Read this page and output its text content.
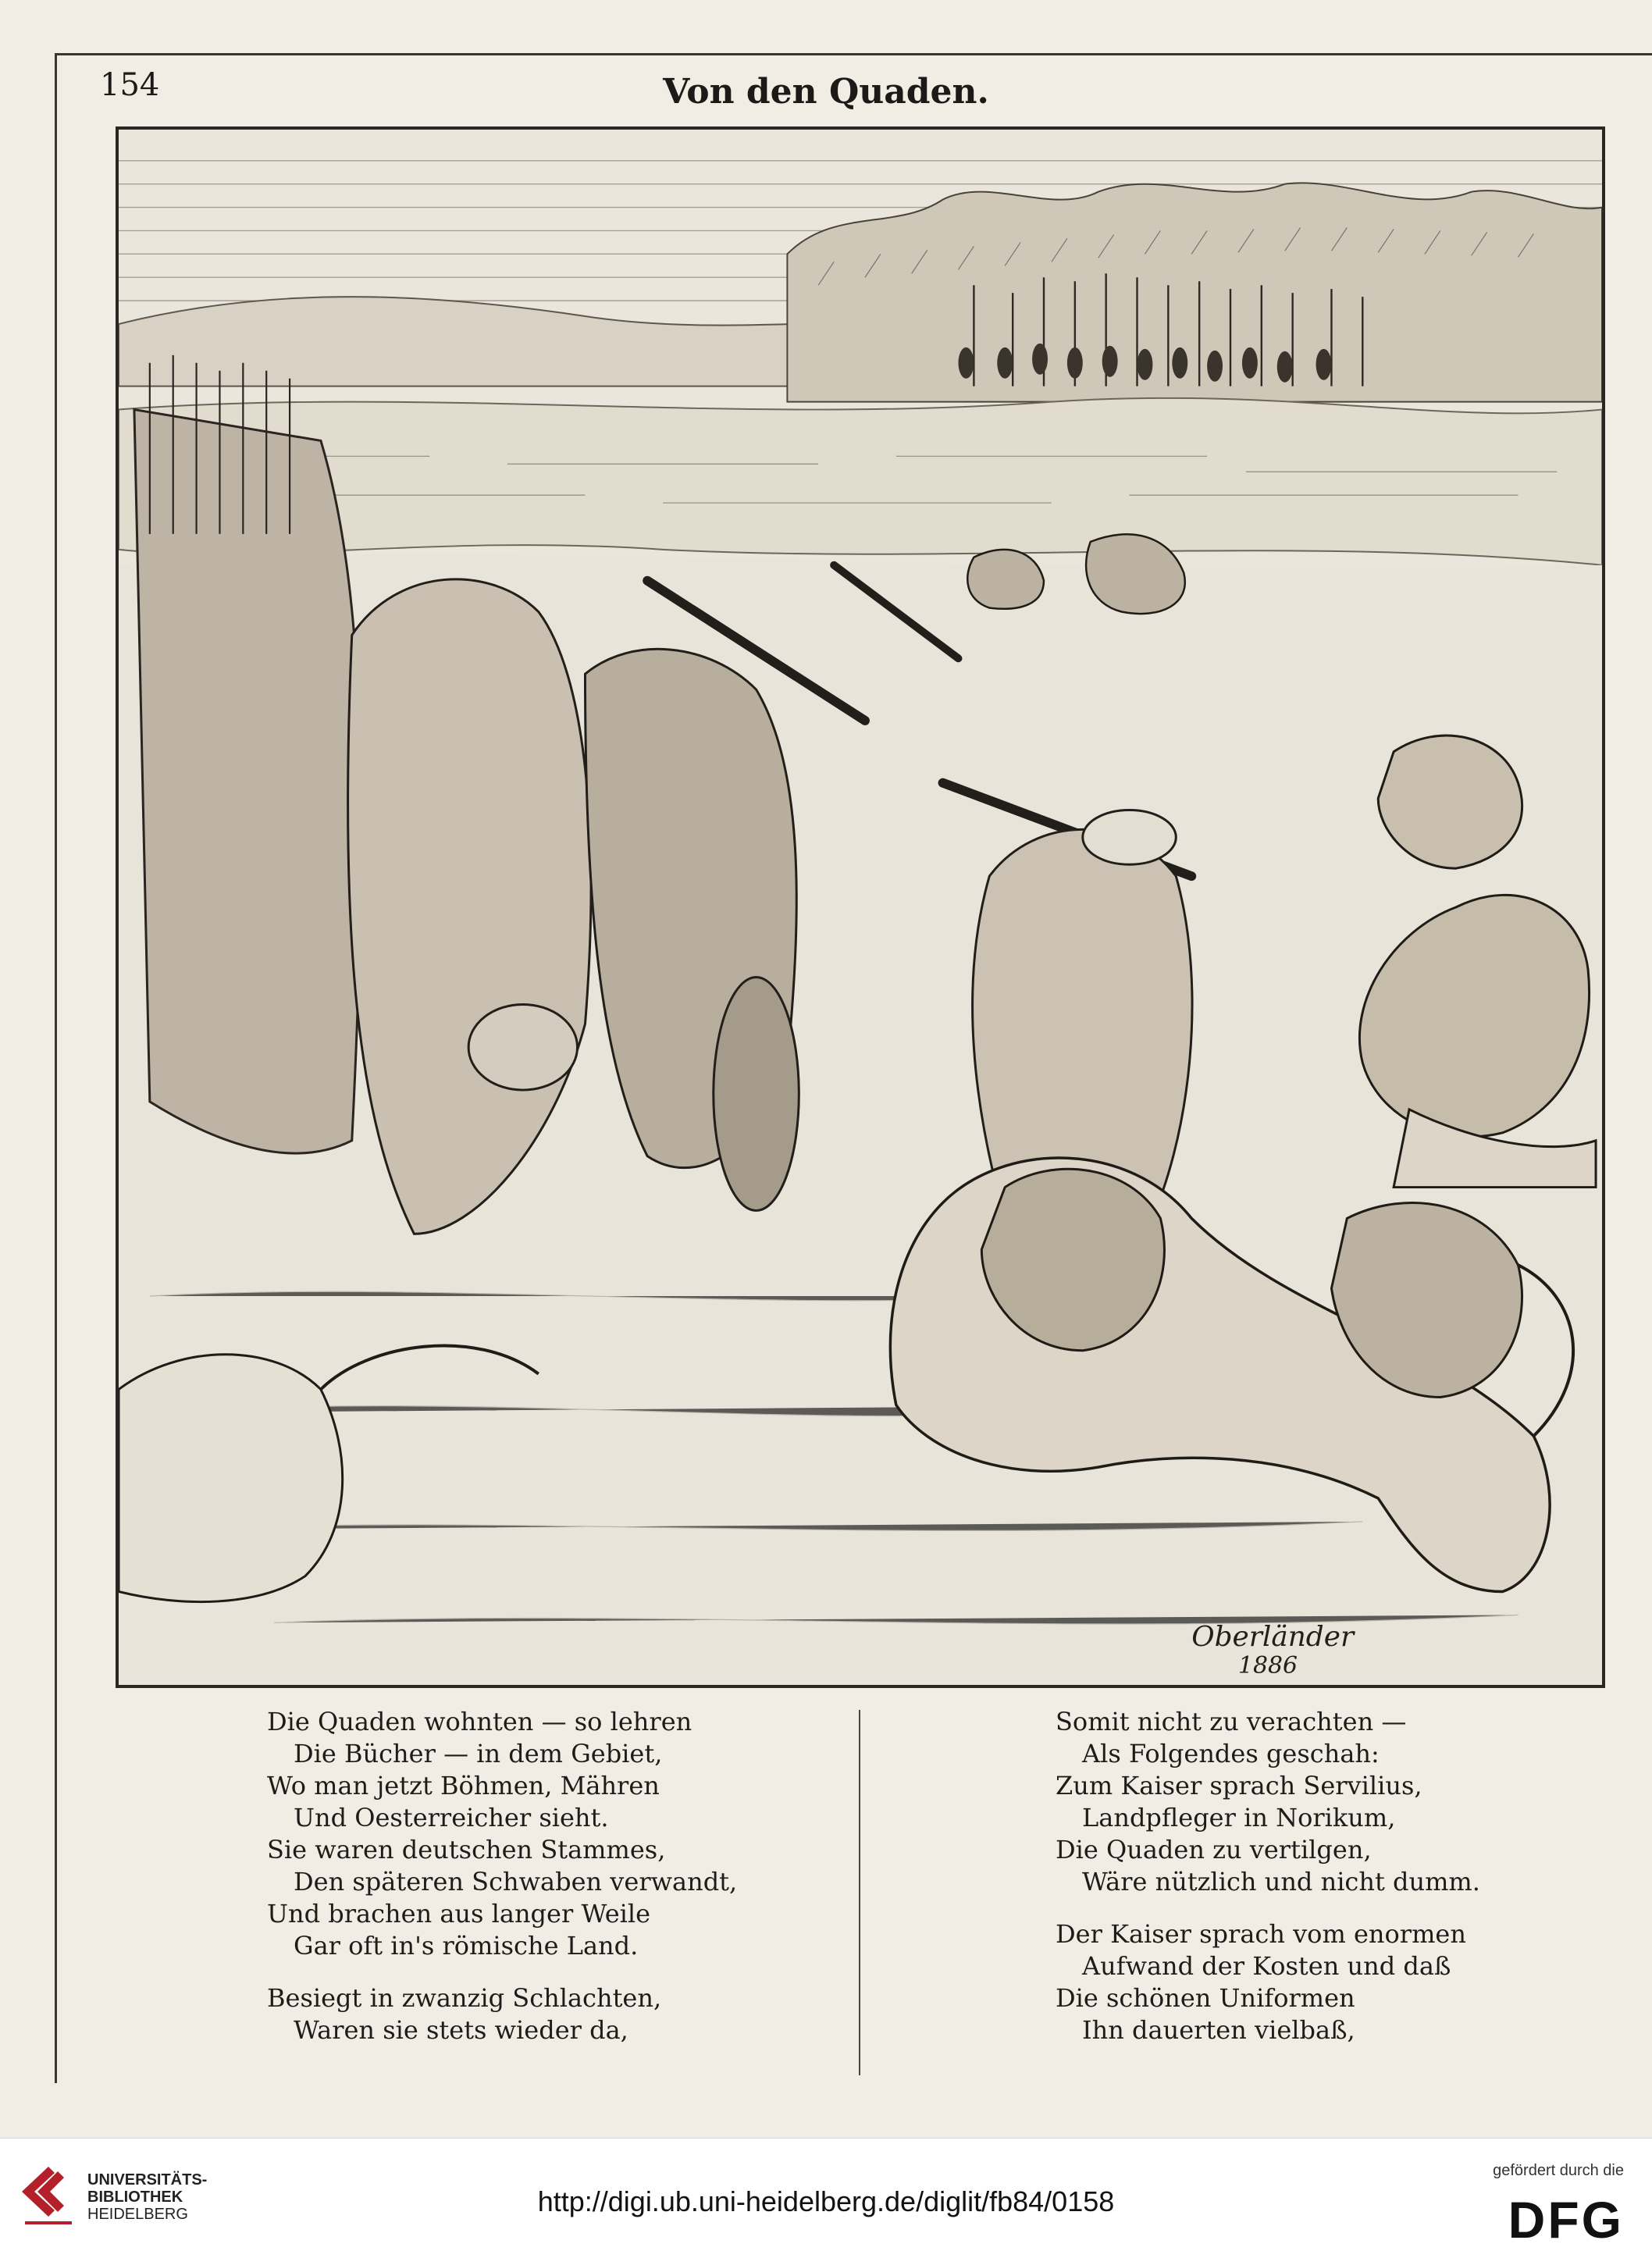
154	Von den Quaden.
Oberländer
1886
Die Quaden wohnten — so lehren
Die Bücher — in dem Gebiet,
Wo man jetzt Böhmen, Mähren
Und Oesterreicher sieht.
Sie waren deutschen Stammes,
Den späteren Schwaben verwandt,
Und brachen aus langer Weile
Gar oft in's römische Land.
Besiegt in zwanzig Schlachten,
Waren sie stets wieder da,
Somit nicht zu verachten —
Als Folgendes geschah:
Zum Kaiser sprach Servilius,
Landpfleger in Norikum,
Die Quaden zu vertilgen,
Wäre nützlich und nicht dumm.
Der Kaiser sprach vom enormen
Aufwand der Kosten und daß
Die schönen Uniformen
Ihn dauerten vielbaß,
UNIVERSITÄTS-
BIBLIOTHEK
HEIDELBERG	http://digi.ub.uni-heidelberg.de/diglit/fb84/0158
gefördert durch die
DFG
